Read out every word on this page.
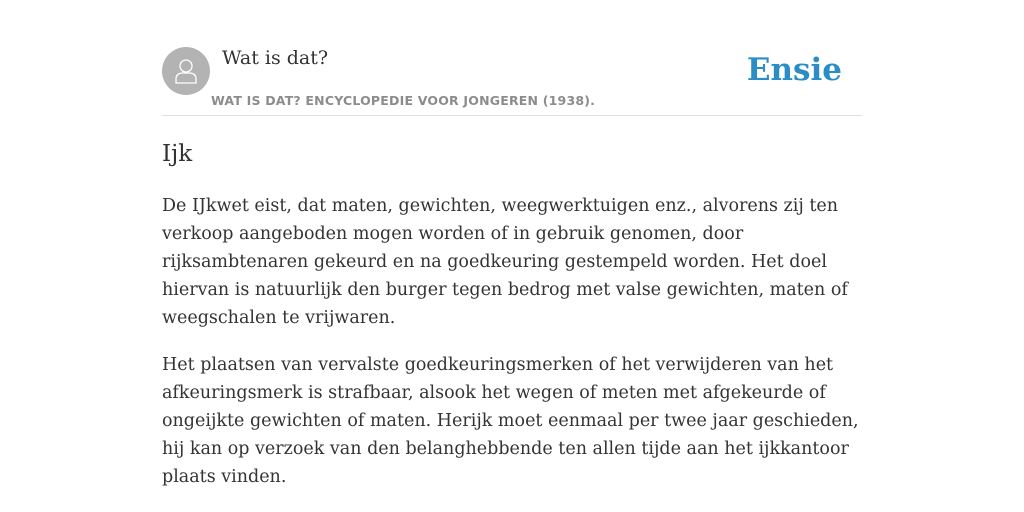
Wat is dat?
WAT IS DAT? ENCYCLOPEDIE VOOR JONGEREN (1938).
Ensie
Ijk

De IJkwet eist, dat maten, gewichten, weegwerktuigen enz., alvorens zij ten verkoop aangeboden mogen worden of in gebruik genomen, door rijksambtenaren gekeurd en na goedkeuring gestempeld worden. Het doel hiervan is natuurlijk den burger tegen bedrog met valse gewichten, maten of weegschalen te vrijwaren.

Het plaatsen van vervalste goedkeuringsmerken of het verwijderen van het afkeuringsmerk is strafbaar, alsook het wegen of meten met afgekeurde of ongeijkte gewichten of maten. Herijk moet eenmaal per twee jaar geschieden, hij kan op verzoek van den belanghebbende ten allen tijde aan het ijkkantoor plaats vinden.
